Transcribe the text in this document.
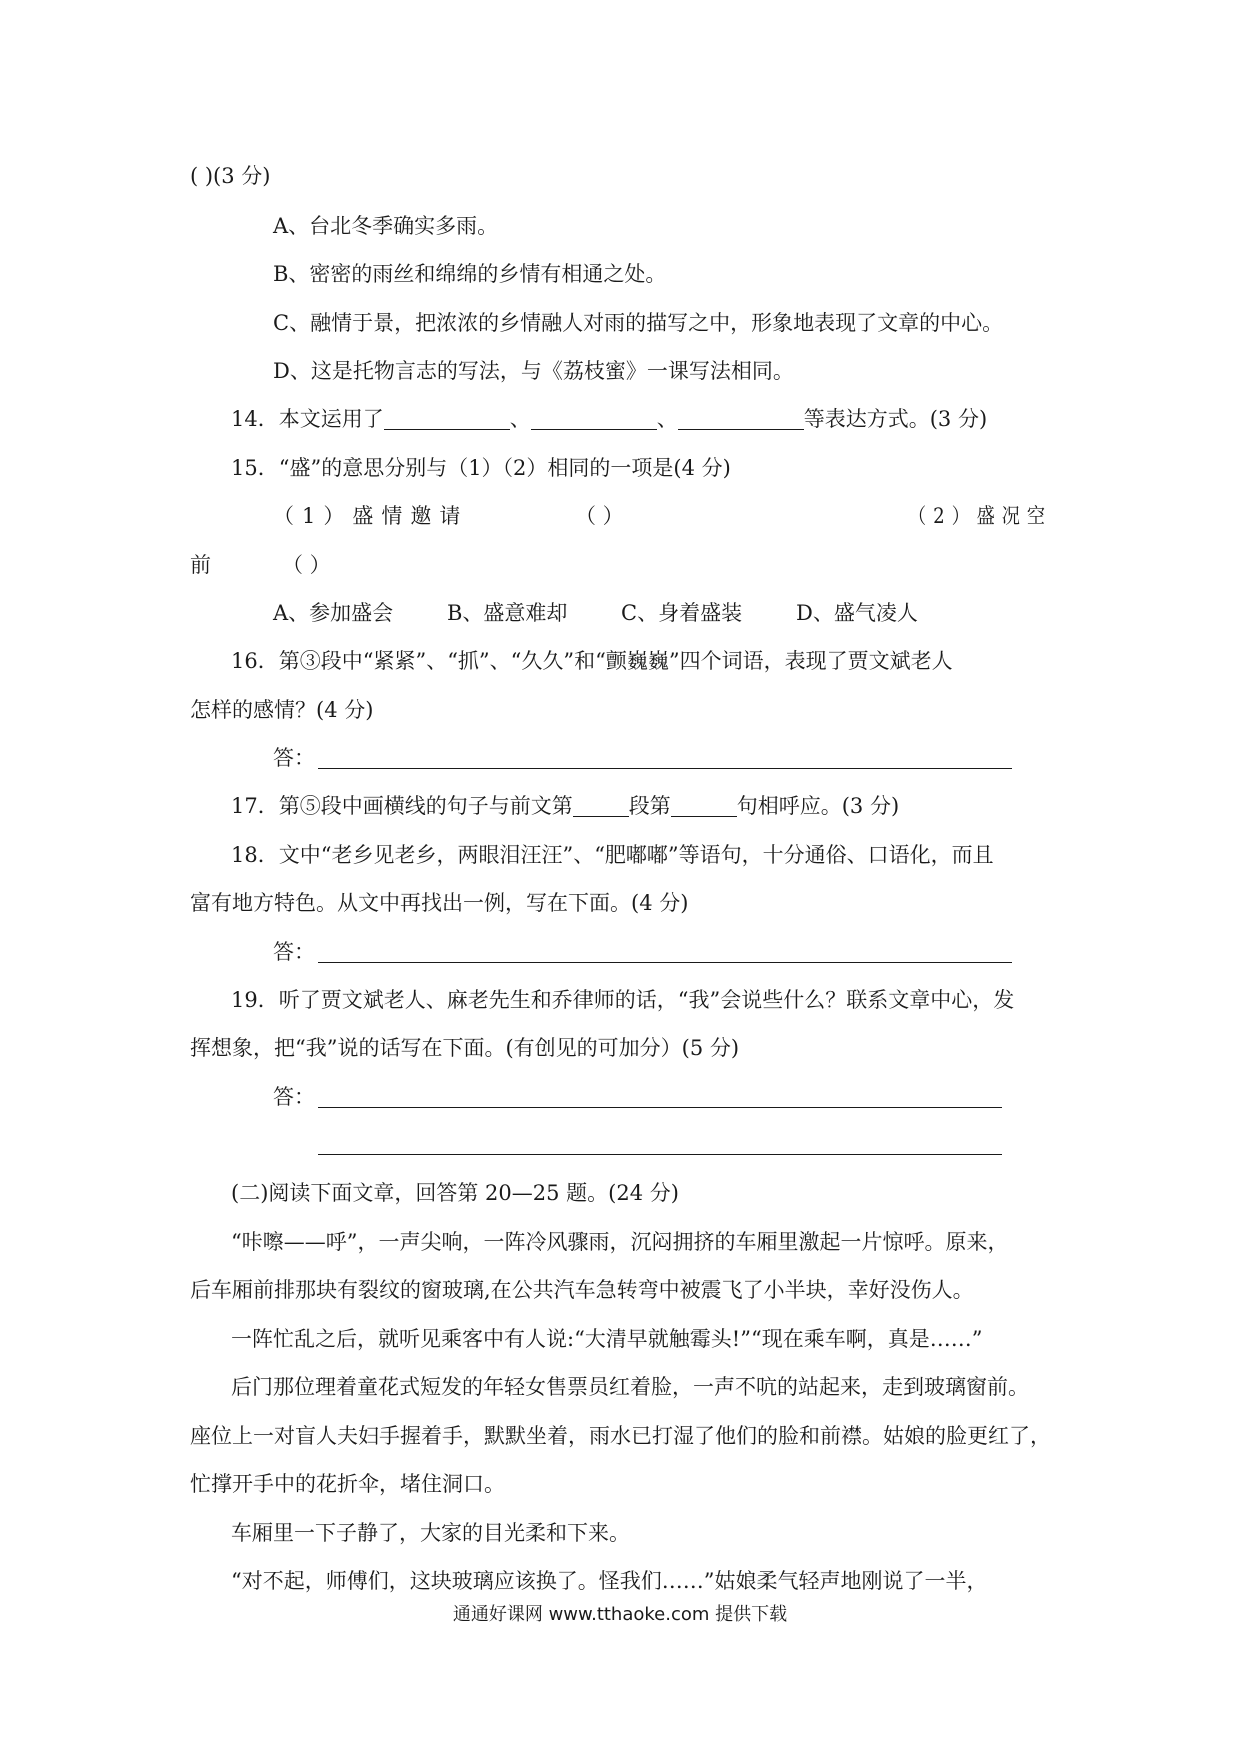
( )(3 分)
A、台北冬季确实多雨。
B、密密的雨丝和绵绵的乡情有相通之处。
C、融情于景，把浓浓的乡情融人对雨的描写之中，形象地表现了文章的中心。
D、这是托物言志的写法，与《荔枝蜜》一课写法相同。
14．本文运用了	、	、	等表达方式。(3 分)
15．“盛”的意思分别与（1）（2）相同的一项是(4 分)
（1）盛情邀请	（ ）	（2）盛况空
前	（ ）
A、参加盛会	B、盛意难却	C、身着盛装	D、盛气凌人
16．第③段中“紧紧”、“抓”、“久久”和“颤巍巍”四个词语，表现了贾文斌老人
怎样的感情？(4 分)
答：
17．第⑤段中画横线的句子与前文第	段第	句相呼应。(3 分)
18．文中“老乡见老乡，两眼泪汪汪”、“肥嘟嘟”等语句，十分通俗、口语化，而且
富有地方特色。从文中再找出一例，写在下面。(4 分)
答：
19．听了贾文斌老人、麻老先生和乔律师的话，“我”会说些什么？联系文章中心，发
挥想象，把“我”说的话写在下面。(有创见的可加分）(5 分)
答：
(二)阅读下面文章，回答第 20—25 题。(24 分)
“咔嚓——呼”，一声尖响，一阵冷风骤雨，沉闷拥挤的车厢里激起一片惊呼。原来，
后车厢前排那块有裂纹的窗玻璃,在公共汽车急转弯中被震飞了小半块，幸好没伤人。
一阵忙乱之后，就听见乘客中有人说:“大清早就触霉头!”“现在乘车啊，真是……”
后门那位理着童花式短发的年轻女售票员红着脸，一声不吭的站起来，走到玻璃窗前。
座位上一对盲人夫妇手握着手，默默坐着，雨水已打湿了他们的脸和前襟。姑娘的脸更红了，
忙撑开手中的花折伞，堵住洞口。
车厢里一下子静了，大家的目光柔和下来。
“对不起，师傅们，这块玻璃应该换了。怪我们……”姑娘柔气轻声地刚说了一半，
通通好课网 www.tthaoke.com 提供下载
